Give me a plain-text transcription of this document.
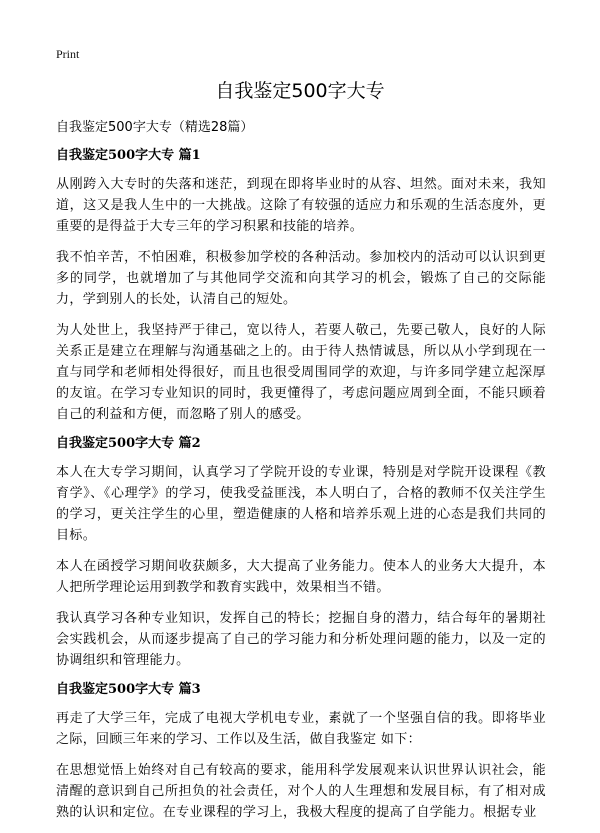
Print
自我鉴定500字大专
自我鉴定500字大专（精选28篇）
自我鉴定500字大专 篇1

从刚跨入大专时的失落和迷茫，到现在即将毕业时的从容、坦然。面对未来，我知道，这又是我人生中的一大挑战。这除了有较强的适应力和乐观的生活态度外，更重要的是得益于大专三年的学习积累和技能的培养。

我不怕辛苦，不怕困难，积极参加学校的各种活动。参加校内的活动可以认识到更多的同学，也就增加了与其他同学交流和向其学习的机会，锻炼了自己的交际能力，学到别人的长处，认清自己的短处。

为人处世上，我坚持严于律己，宽以待人，若要人敬己，先要己敬人，良好的人际关系正是建立在理解与沟通基础之上的。由于待人热情诚恳，所以从小学到现在一直与同学和老师相处得很好，而且也很受周围同学的欢迎，与许多同学建立起深厚的友谊。在学习专业知识的同时，我更懂得了，考虑问题应周到全面，不能只顾着自己的利益和方便，而忽略了别人的感受。

自我鉴定500字大专 篇2

本人在大专学习期间，认真学习了学院开设的专业课，特别是对学院开设课程《教育学》、《心理学》的学习，使我受益匪浅，本人明白了，合格的教师不仅关注学生的学习，更关注学生的心里，塑造健康的人格和培养乐观上进的心态是我们共同的目标。

本人在函授学习期间收获颇多，大大提高了业务能力。使本人的业务大大提升，本人把所学理论运用到教学和教育实践中，效果相当不错。

我认真学习各种专业知识，发挥自己的特长；挖掘自身的潜力，结合每年的暑期社会实践机会，从而逐步提高了自己的学习能力和分析处理问题的能力，以及一定的协调组织和管理能力。

自我鉴定500字大专 篇3

再走了大学三年，完成了电视大学机电专业，素就了一个坚强自信的我。即将毕业之际，回顾三年来的学习、工作以及生活，做自我鉴定 如下：

在思想觉悟上始终对自己有较高的要求，能用科学发展观来认识世界认识社会，能清醒的意识到自己所担负的社会责任，对个人的人生理想和发展目标，有了相对成熟的认识和定位。在专业课程的学习上，我极大程度的提高了自学能力。根据专业
